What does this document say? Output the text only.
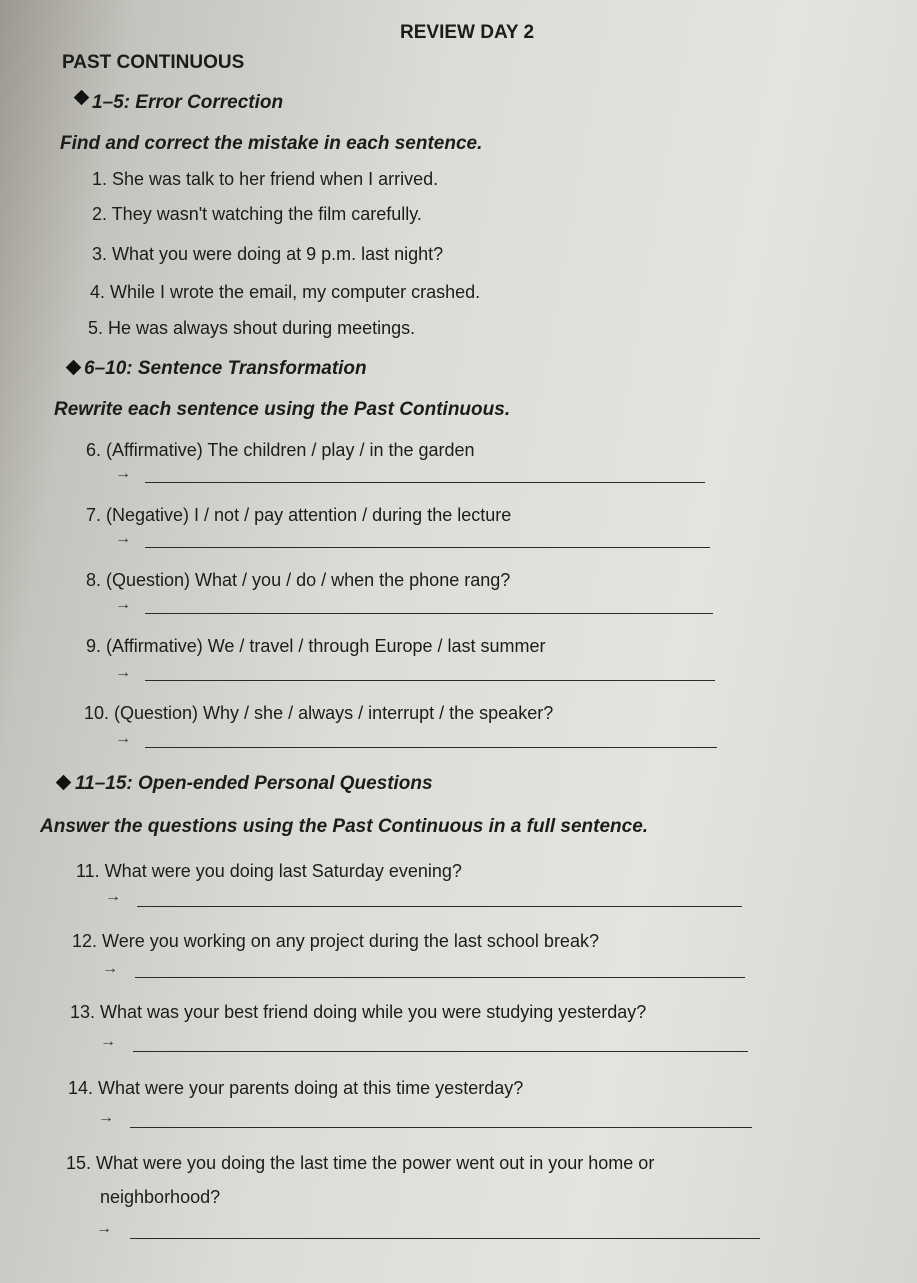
REVIEW DAY 2
PAST CONTINUOUS
1–5: Error Correction
Find and correct the mistake in each sentence.
1. She was talk to her friend when I arrived.
2. They wasn't watching the film carefully.
3. What you were doing at 9 p.m. last night?
4. While I wrote the email, my computer crashed.
5. He was always shout during meetings.
6–10: Sentence Transformation
Rewrite each sentence using the Past Continuous.
6. (Affirmative) The children / play / in the garden
→
7. (Negative) I / not / pay attention / during the lecture
→
8. (Question) What / you / do / when the phone rang?
→
9. (Affirmative) We / travel / through Europe / last summer
→
10. (Question) Why / she / always / interrupt / the speaker?
→
11–15: Open-ended Personal Questions
Answer the questions using the Past Continuous in a full sentence.
11. What were you doing last Saturday evening?
→
12. Were you working on any project during the last school break?
→
13. What was your best friend doing while you were studying yesterday?
→
14. What were your parents doing at this time yesterday?
→
15. What were you doing the last time the power went out in your home or
neighborhood?
→
